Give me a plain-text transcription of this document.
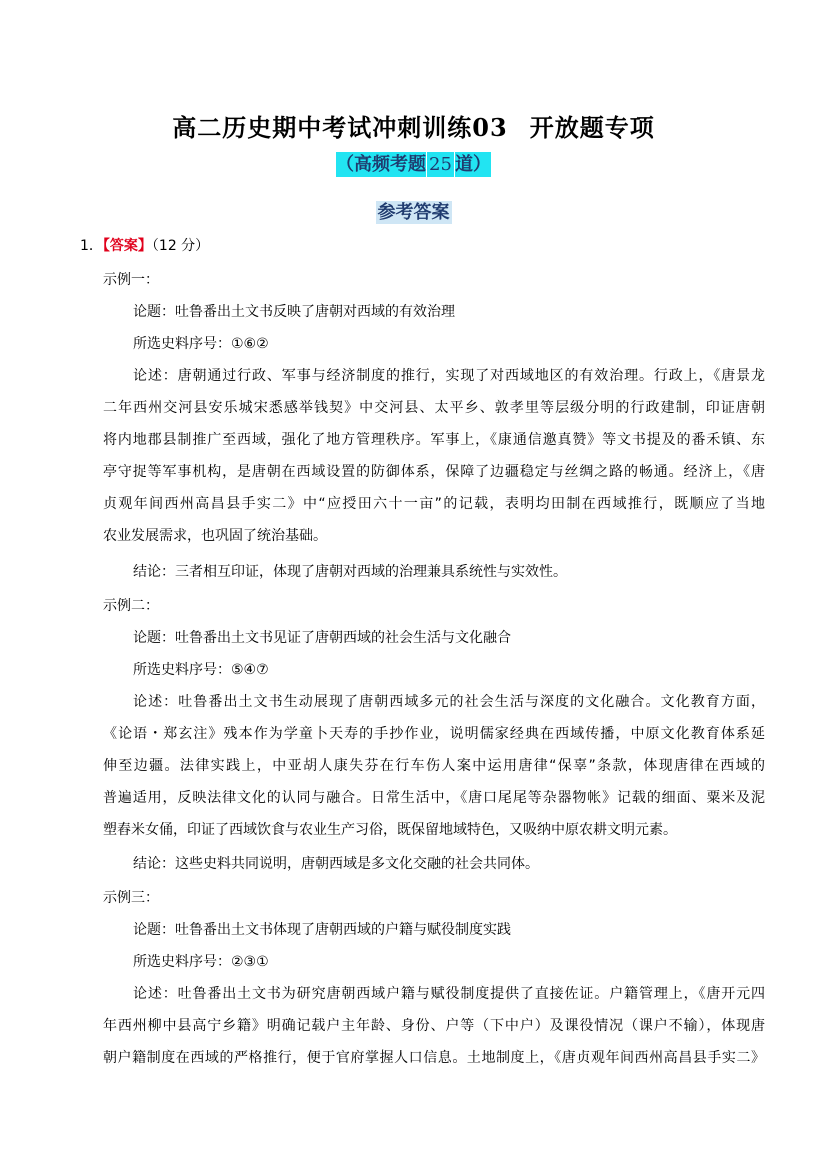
高二历史期中考试冲刺训练03 开放题专项
（高频考题 25 道）
参考答案
1．【答案】（12 分）
示例一：
论题：吐鲁番出土文书反映了唐朝对西域的有效治理
所选史料序号：①⑥②
论述：唐朝通过行政、军事与经济制度的推行，实现了对西域地区的有效治理。行政上，《唐景龙
二年西州交河县安乐城宋悉感举钱契》中交河县、太平乡、敦孝里等层级分明的行政建制，印证唐朝
将内地郡县制推广至西域，强化了地方管理秩序。军事上，《康通信邀真赞》等文书提及的番禾镇、东
亭守捉等军事机构，是唐朝在西域设置的防御体系，保障了边疆稳定与丝绸之路的畅通。经济上，《唐
贞观年间西州高昌县手实二》中“应授田六十一亩”的记载，表明均田制在西域推行，既顺应了当地
农业发展需求，也巩固了统治基础。
结论：三者相互印证，体现了唐朝对西域的治理兼具系统性与实效性。
示例二：
论题：吐鲁番出土文书见证了唐朝西域的社会生活与文化融合
所选史料序号：⑤④⑦
论述：吐鲁番出土文书生动展现了唐朝西域多元的社会生活与深度的文化融合。文化教育方面，
《论语・郑玄注》残本作为学童卜天寿的手抄作业，说明儒家经典在西域传播，中原文化教育体系延
伸至边疆。法律实践上，中亚胡人康失芬在行车伤人案中运用唐律“保辜”条款，体现唐律在西域的
普遍适用，反映法律文化的认同与融合。日常生活中，《唐口尾尾等杂器物帐》记载的细面、粟米及泥
塑舂米女俑，印证了西域饮食与农业生产习俗，既保留地域特色，又吸纳中原农耕文明元素。
结论：这些史料共同说明，唐朝西域是多文化交融的社会共同体。
示例三：
论题：吐鲁番出土文书体现了唐朝西域的户籍与赋役制度实践
所选史料序号：②③①
论述：吐鲁番出土文书为研究唐朝西域户籍与赋役制度提供了直接佐证。户籍管理上，《唐开元四
年西州柳中县高宁乡籍》明确记载户主年龄、身份、户等（下中户）及课役情况（课户不输），体现唐
朝户籍制度在西域的严格推行，便于官府掌握人口信息。土地制度上，《唐贞观年间西州高昌县手实二》
